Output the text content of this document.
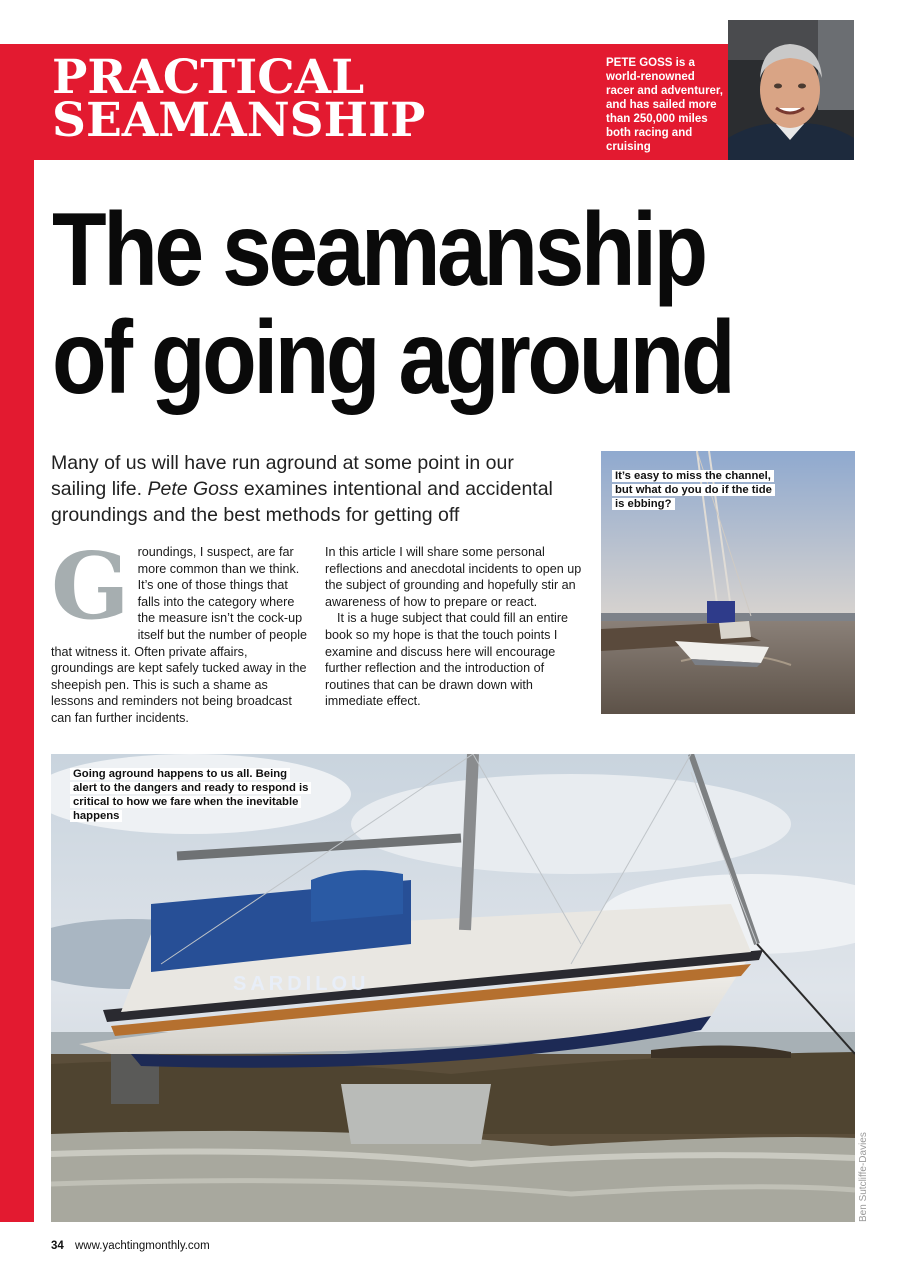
PRACTICAL
SEAMANSHIP
PETE GOSS is a world-renowned racer and adventurer, and has sailed more than 250,000 miles both racing and cruising
The seamanship
of going aground
Many of us will have run aground at some point in our sailing life. Pete Goss examines intentional and accidental groundings and the best methods for getting off
G roundings, I suspect, are far more common than we think. It’s one of those things that falls into the category where the measure isn’t the cock-up itself but the number of people that witness it. Often private affairs, groundings are kept safely tucked away in the sheepish pen. This is such a shame as lessons and reminders not being broadcast can fan further incidents.

In this article I will share some personal reflections and anecdotal incidents to open up the subject of grounding and hopefully stir an awareness of how to prepare or react.

It is a huge subject that could fill an entire book so my hope is that the touch points I examine and discuss here will encourage further reflection and the introduction of routines that can be drawn down with immediate effect.

It’s easy to miss the channel, but what do you do if the tide is ebbing?
SARDILOU
Going aground happens to us all. Being alert to the dangers and ready to respond is critical to how we fare when the inevitable happens
Ben Sutcliffe-Davies
34 www.yachtingmonthly.com
